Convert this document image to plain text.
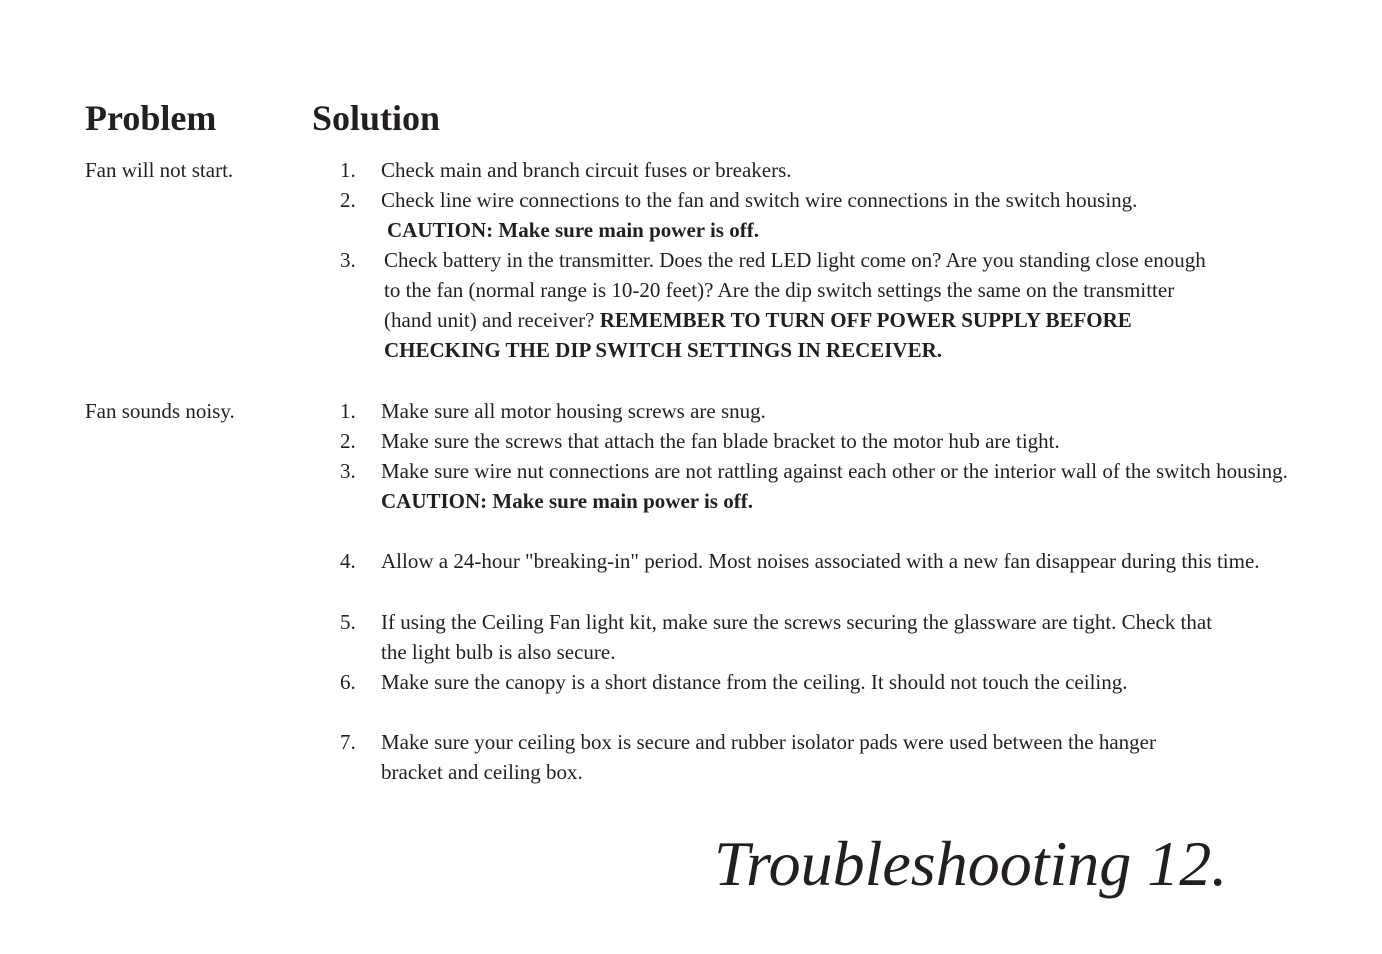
Problem	Solution
Fan will not start.	1.	Check main and branch circuit fuses or breakers.
2.	Check line wire connections to the fan and switch wire connections in the switch housing. CAUTION: Make sure main power is off.
3.	Check battery in the transmitter. Does the red LED light come on? Are you standing close enough to the fan (normal range is 10-20 feet)? Are the dip switch settings the same on the transmitter (hand unit) and receiver? REMEMBER TO TURN OFF POWER SUPPLY BEFORE CHECKING THE DIP SWITCH SETTINGS IN RECEIVER.
Fan sounds noisy.	1.	Make sure all motor housing screws are snug.
2.	Make sure the screws that attach the fan blade bracket to the motor hub are tight.
3.	Make sure wire nut connections are not rattling against each other or the interior wall of the switch housing. CAUTION: Make sure main power is off.
4.	Allow a 24-hour "breaking-in" period. Most noises associated with a new fan disappear during this time.
5.	If using the Ceiling Fan light kit, make sure the screws securing the glassware are tight. Check that the light bulb is also secure.
6.	Make sure the canopy is a short distance from the ceiling. It should not touch the ceiling.
7.	Make sure your ceiling box is secure and rubber isolator pads were used between the hanger bracket and ceiling box.
Troubleshooting 12.
